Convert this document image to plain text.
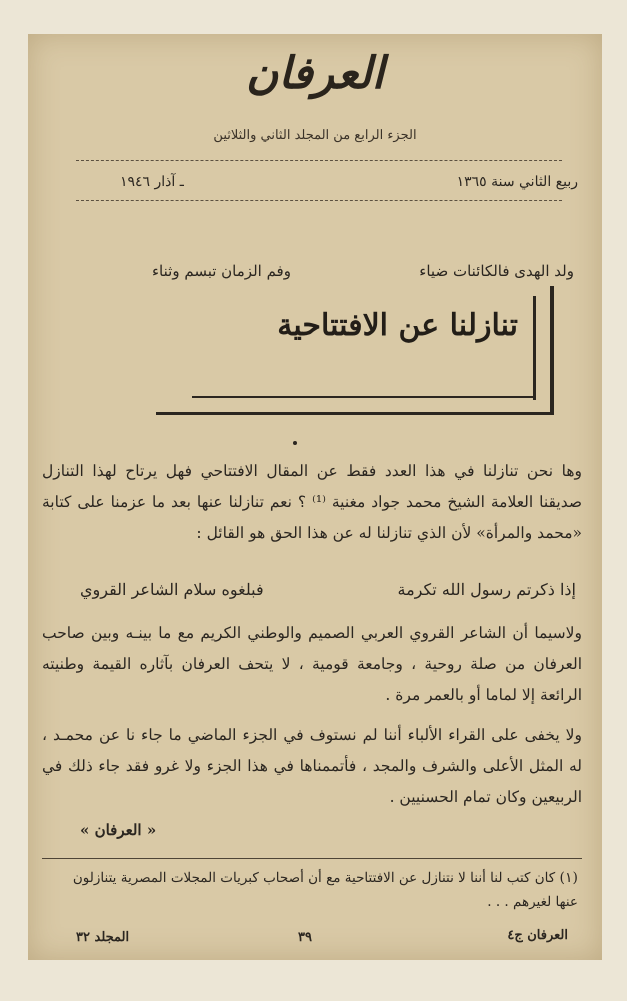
العرفان
الجزء الرابع من المجلد الثاني والثلاثين
ربيع الثاني سنة ١٣٦٥
ـ آذار ١٩٤٦
ولد الهدى فالكائنات ضياء
وفم الزمان تبسم وثناء
تنازلنا عن الافتتاحية
وها نحن تنازلنا في هذا العدد فقط عن المقال الافتتاحي فهل يرتاح لهذا التنازل صديقنا العلامة الشيخ محمد جواد مغنية ⁽¹⁾ ؟ نعم تنازلنا عنها بعد ما عزمنا على كتابة «محمد والمرأة» لأن الذي تنازلنا له عن هذا الحق هو القائل :
إذا ذكرتم رسول الله تكرمة
فبلغوه سلام الشاعر القروي
ولاسيما أن الشاعر القروي العربي الصميم والوطني الكريم مع ما بينـه وبين صاحب العرفان من صلة روحية ، وجامعة قومية ، لا يتحف العرفان بآثاره القيمة وطنيته الرائعة إلا لماما أو بالعمر مرة .
ولا يخفى على القراء الألباء أننا لم نستوف في الجزء الماضي ما جاء نا عن محمـد ، له المثل الأعلى والشرف والمجد ، فأتممناها في هذا الجزء ولا غرو فقد جاء ذلك في الربيعين وكان تمام الحسنيين .
« العرفان »
(١) كان كتب لنا أننا لا نتنازل عن الافتتاحية مع أن أصحاب كبريات المجلات المصرية يتنازلون عنها لغيرهم . . .
المجلد ٣٢	٣٩	العرفان ج٤
